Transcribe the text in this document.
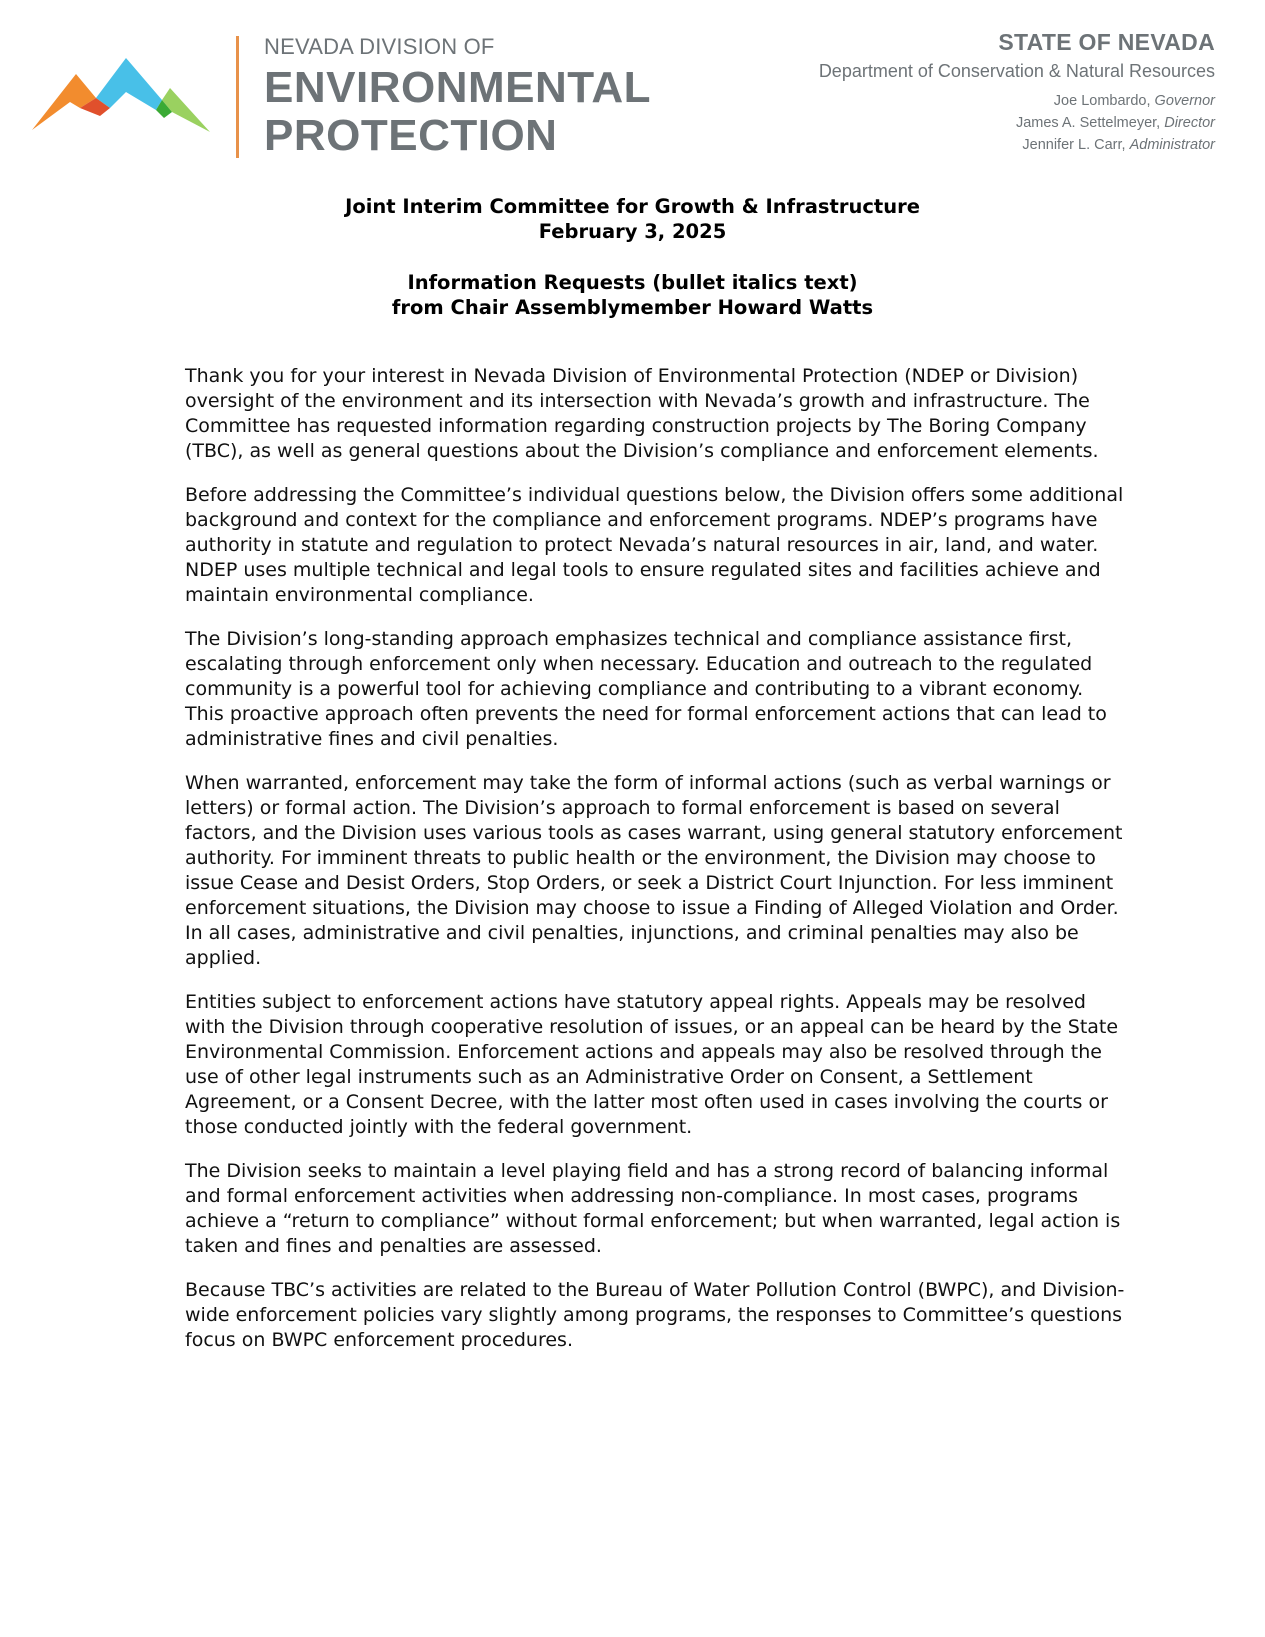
NEVADA DIVISION OF
ENVIRONMENTAL
PROTECTION
STATE OF NEVADA
Department of Conservation & Natural Resources
Joe Lombardo, Governor
James A. Settelmeyer, Director
Jennifer L. Carr, Administrator
Joint Interim Committee for Growth & Infrastructure
February 3, 2025
Information Requests (bullet italics text)
from Chair Assemblymember Howard Watts

Thank you for your interest in Nevada Division of Environmental Protection (NDEP or Division) oversight of the environment and its intersection with Nevada’s growth and infrastructure. The Committee has requested information regarding construction projects by The Boring Company (TBC), as well as general questions about the Division’s compliance and enforcement elements.

Before addressing the Committee’s individual questions below, the Division offers some additional background and context for the compliance and enforcement programs. NDEP’s programs have authority in statute and regulation to protect Nevada’s natural resources in air, land, and water. NDEP uses multiple technical and legal tools to ensure regulated sites and facilities achieve and maintain environmental compliance.

The Division’s long-standing approach emphasizes technical and compliance assistance first, escalating through enforcement only when necessary. Education and outreach to the regulated community is a powerful tool for achieving compliance and contributing to a vibrant economy. This proactive approach often prevents the need for formal enforcement actions that can lead to administrative fines and civil penalties.

When warranted, enforcement may take the form of informal actions (such as verbal warnings or letters) or formal action. The Division’s approach to formal enforcement is based on several factors, and the Division uses various tools as cases warrant, using general statutory enforcement authority. For imminent threats to public health or the environment, the Division may choose to issue Cease and Desist Orders, Stop Orders, or seek a District Court Injunction. For less imminent enforcement situations, the Division may choose to issue a Finding of Alleged Violation and Order. In all cases, administrative and civil penalties, injunctions, and criminal penalties may also be applied.

Entities subject to enforcement actions have statutory appeal rights. Appeals may be resolved with the Division through cooperative resolution of issues, or an appeal can be heard by the State Environmental Commission. Enforcement actions and appeals may also be resolved through the use of other legal instruments such as an Administrative Order on Consent, a Settlement Agreement, or a Consent Decree, with the latter most often used in cases involving the courts or those conducted jointly with the federal government.

The Division seeks to maintain a level playing field and has a strong record of balancing informal and formal enforcement activities when addressing non-compliance. In most cases, programs achieve a “return to compliance” without formal enforcement; but when warranted, legal action is taken and fines and penalties are assessed.

Because TBC’s activities are related to the Bureau of Water Pollution Control (BWPC), and Division-wide enforcement policies vary slightly among programs, the responses to Committee’s questions focus on BWPC enforcement procedures.
